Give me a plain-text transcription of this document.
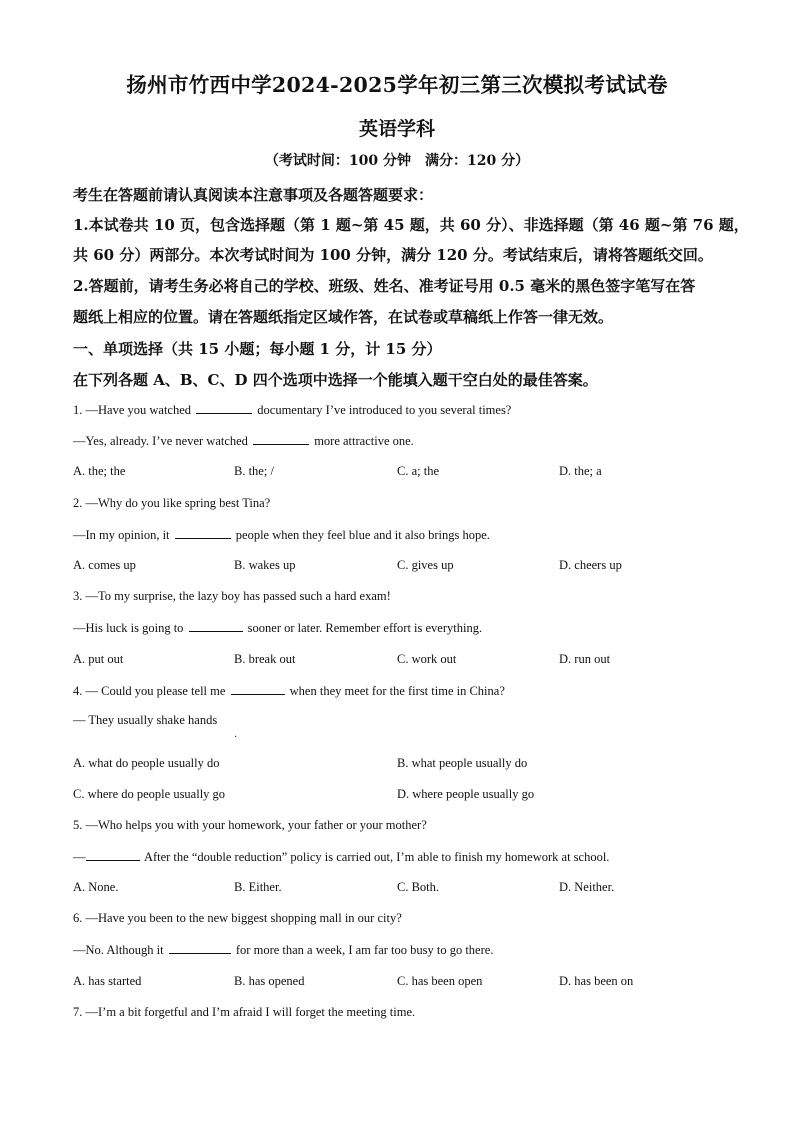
扬州市竹西中学2024-2025学年初三第三次模拟考试试卷
英语学科
（考试时间：100 分钟　满分：120 分）
考生在答题前请认真阅读本注意事项及各题答题要求：
1.本试卷共 10 页，包含选择题（第 1 题~第 45 题，共 60 分）、非选择题（第 46 题~第 76 题，
共 60 分）两部分。本次考试时间为 100 分钟，满分 120 分。考试结束后，请将答题纸交回。
2.答题前，请考生务必将自己的学校、班级、姓名、准考证号用 0.5 毫米的黑色签字笔写在答
题纸上相应的位置。请在答题纸指定区域作答，在试卷或草稿纸上作答一律无效。
一、单项选择（共 15 小题；每小题 1 分，计 15 分）
在下列各题 A、B、C、D 四个选项中选择一个能填入题干空白处的最佳答案。
1. —Have you watched	documentary I’ve introduced to you several times?
—Yes, already. I’ve never watched	more attractive one.
A. the; the	B. the; /	C. a; the	D. the; a
2. —Why do you like spring best Tina?
—In my opinion, it	people when they feel blue and it also brings hope.
A. comes up	B. wakes up	C. gives up	D. cheers up
3. —To my surprise, the lazy boy has passed such a hard exam!
—His luck is going to	sooner or later. Remember effort is everything.
A. put out	B. break out	C. work out	D. run out
4. — Could you please tell me	when they meet for the first time in China?
— They usually shake hands
.
A. what do people usually do	B. what people usually do
C. where do people usually go	D. where people usually go
5. —Who helps you with your homework, your father or your mother?
—	After the “double reduction” policy is carried out, I’m able to finish my homework at school.
A. None.	B. Either.	C. Both.	D. Neither.
6. —Have you been to the new biggest shopping mall in our city?
—No. Although it	for more than a week, I am far too busy to go there.
A. has started	B. has opened	C. has been open	D. has been on
7. —I’m a bit forgetful and I’m afraid I will forget the meeting time.
